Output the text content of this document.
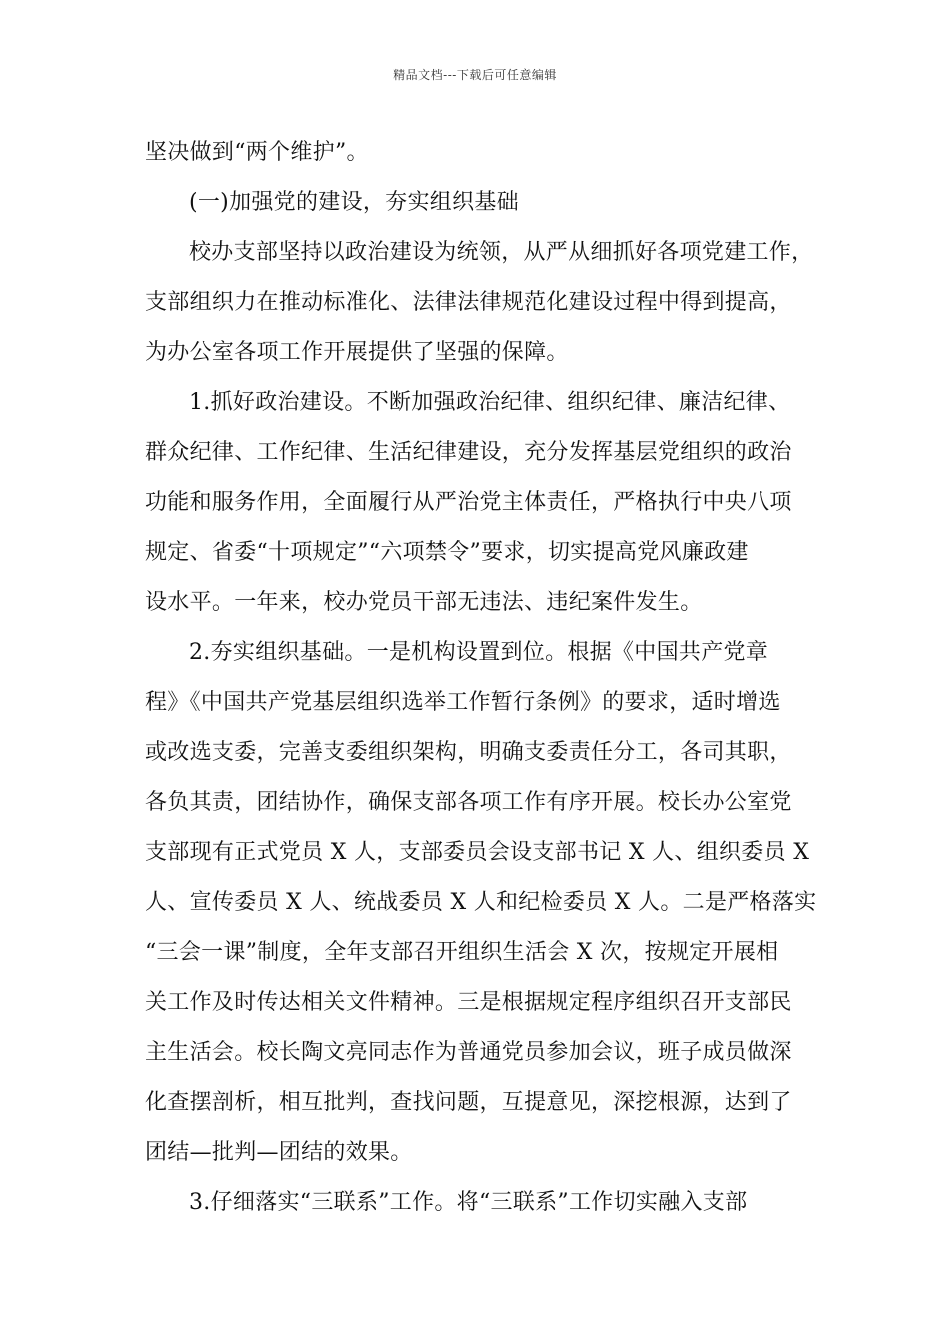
精品文档---下载后可任意编辑
坚决做到“两个维护”。
(一)加强党的建设，夯实组织基础
校办支部坚持以政治建设为统领，从严从细抓好各项党建工作，
支部组织力在推动标准化、法律法律规范化建设过程中得到提高，
为办公室各项工作开展提供了坚强的保障。
1.抓好政治建设。不断加强政治纪律、组织纪律、廉洁纪律、
群众纪律、工作纪律、生活纪律建设，充分发挥基层党组织的政治
功能和服务作用，全面履行从严治党主体责任，严格执行中央八项
规定、省委“十项规定”“六项禁令”要求，切实提高党风廉政建
设水平。一年来，校办党员干部无违法、违纪案件发生。
2.夯实组织基础。一是机构设置到位。根据《中国共产党章
程》《中国共产党基层组织选举工作暂行条例》的要求，适时增选
或改选支委，完善支委组织架构，明确支委责任分工，各司其职，
各负其责，团结协作，确保支部各项工作有序开展。校长办公室党
支部现有正式党员 X 人，支部委员会设支部书记 X 人、组织委员 X
人、宣传委员 X 人、统战委员 X 人和纪检委员 X 人。二是严格落实
“三会一课”制度，全年支部召开组织生活会 X 次，按规定开展相
关工作及时传达相关文件精神。三是根据规定程序组织召开支部民
主生活会。校长陶文亮同志作为普通党员参加会议，班子成员做深
化查摆剖析，相互批判，查找问题，互提意见，深挖根源，达到了
团结—批判—团结的效果。
3.仔细落实“三联系”工作。将“三联系”工作切实融入支部
